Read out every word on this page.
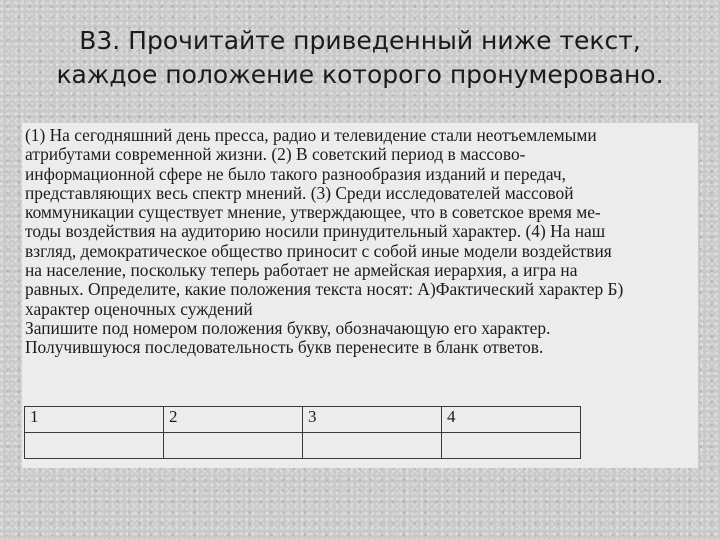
В3. Прочитайте приведенный ниже текст,
каждое положение которого пронумеровано.
(1) На сегодняшний день пресса, радио и телевидение стали неотъемлемыми
атрибутами современной жизни. (2) В советский период в массово-
информационной сфере не было такого разнообразия изданий и передач,
представляющих весь спектр мнений. (3) Среди исследователей массовой
коммуникации существует мнение, утверждающее, что в советское время ме-
тоды воздействия на аудиторию носили принудительный характер. (4) На наш
взгляд, демократическое общество приносит с собой иные модели воздействия
на население, поскольку теперь работает не армейская иерархия, а игра на
равных. Определите, какие положения текста носят: А)Фактический характер Б)
характер оценочных суждений
Запишите под номером положения букву, обозначающую его характер.
Получившуюся последовательность букв перенесите в бланк ответов.
1	2	3	4
